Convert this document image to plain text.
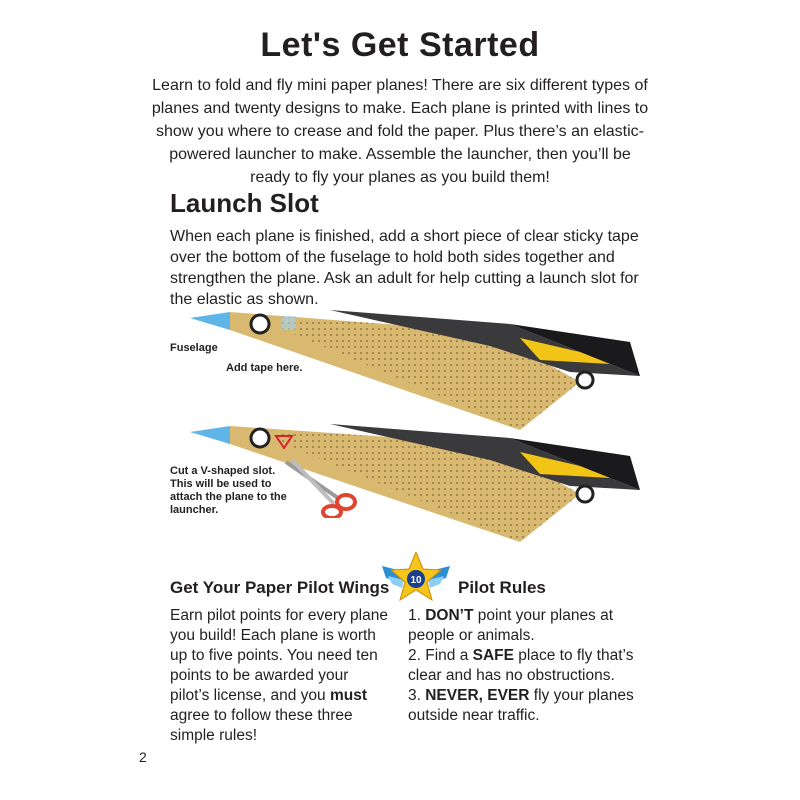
Let's Get Started

Learn to fold and fly mini paper planes! There are six different types of planes and twenty designs to make. Each plane is printed with lines to show you where to crease and fold the paper. Plus there’s an elastic-powered launcher to make. Assemble the launcher, then you’ll be ready to fly your planes as you build them!

Launch Slot

When each plane is finished, add a short piece of clear sticky tape over the bottom of the fuselage to hold both sides together and strengthen the plane. Ask an adult for help cutting a launch slot for the elastic as shown.

Fuselage
Add tape here.
Cut a V-shaped slot. This will be used to attach the plane to the launcher.
Get Your Paper Pilot Wings 10 Pilot Rules

Earn pilot points for every plane you build! Each plane is worth up to five points. You need ten points to be awarded your pilot’s license, and you must agree to follow these three simple rules!

1. DON’T point your planes at people or animals.
2. Find a SAFE place to fly that’s clear and has no obstructions.
3. NEVER, EVER fly your planes outside near traffic.

2
